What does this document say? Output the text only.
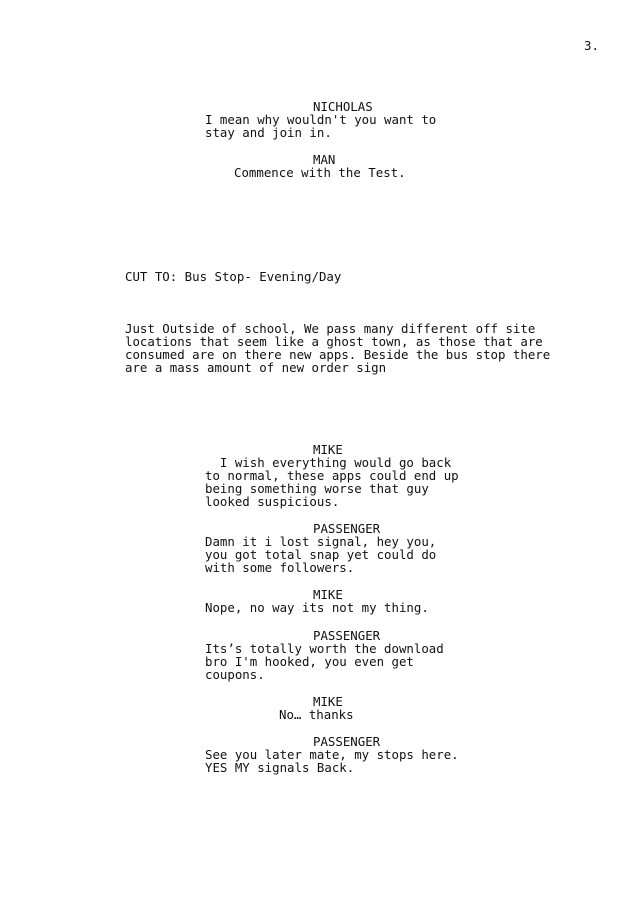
3.
NICHOLAS
I mean why wouldn't you want to
stay and join in.
MAN
Commence with the Test.
CUT TO: Bus Stop- Evening/Day
Just Outside of school, We pass many different off site
locations that seem like a ghost town, as those that are
consumed are on there new apps. Beside the bus stop there
are a mass amount of new order sign
MIKE
I wish everything would go back
to normal, these apps could end up
being something worse that guy
looked suspicious.
PASSENGER
Damn it i lost signal, hey you,
you got total snap yet could do
with some followers.
MIKE
Nope, no way its not my thing.
PASSENGER
Its’s totally worth the download
bro I'm hooked, you even get
coupons.
MIKE
No… thanks
PASSENGER
See you later mate, my stops here.
YES MY signals Back.
